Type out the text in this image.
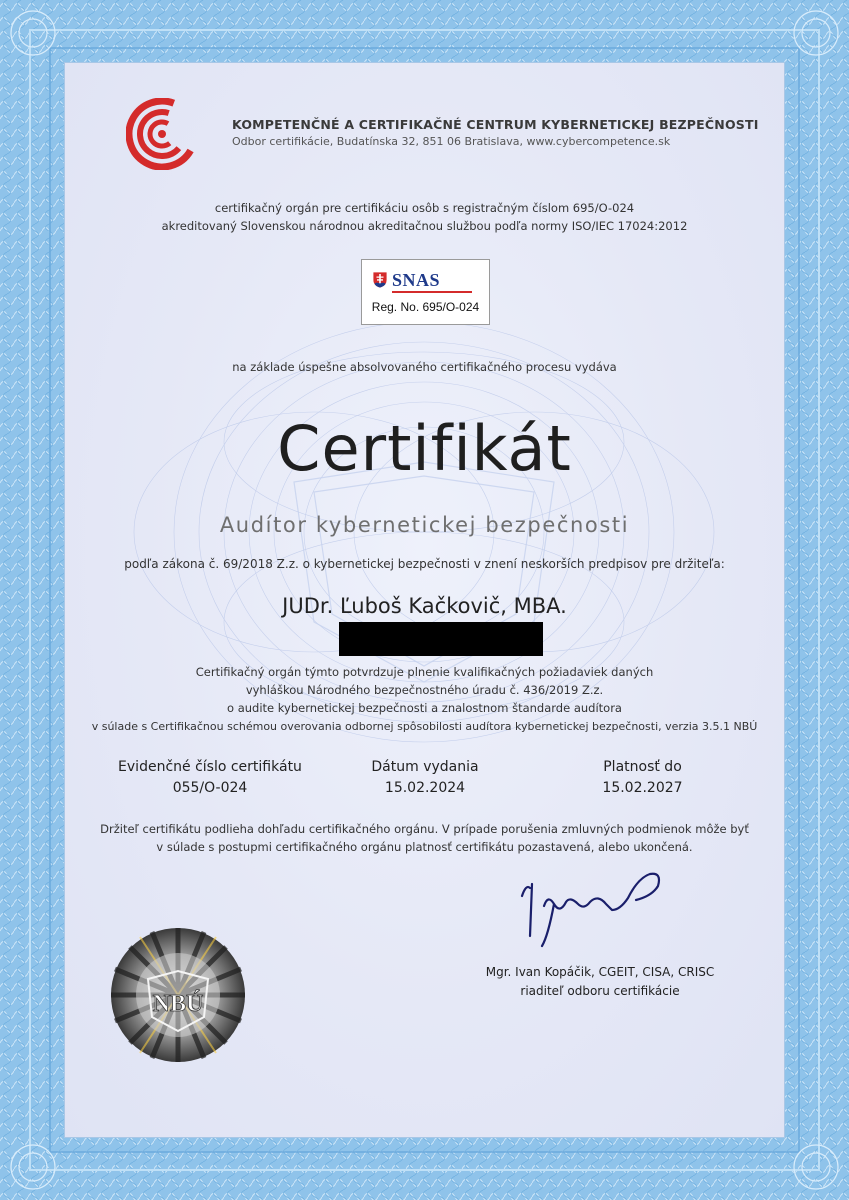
KOMPETENČNÉ A CERTIFIKAČNÉ CENTRUM KYBERNETICKEJ BEZPEČNOSTI
Odbor certifikácie, Budatínska 32, 851 06 Bratislava, www.cybercompetence.sk
certifikačný orgán pre certifikáciu osôb s registračným číslom 695/O-024
akreditovaný Slovenskou národnou akreditačnou službou podľa normy ISO/IEC 17024:2012
SNAS
Reg. No. 695/O-024
na základe úspešne absolvovaného certifikačného procesu vydáva
Certifikát
Audítor kybernetickej bezpečnosti
podľa zákona č. 69/2018 Z.z. o kybernetickej bezpečnosti v znení neskorších predpisov pre držiteľa:
JUDr. Ľuboš Kačkovič, MBA.
Certifikačný orgán týmto potvrdzuje plnenie kvalifikačných požiadaviek daných
vyhláškou Národného bezpečnostného úradu č. 436/2019 Z.z.
o audite kybernetickej bezpečnosti a znalostnom štandarde audítora
v súlade s Certifikačnou schémou overovania odbornej spôsobilosti audítora kybernetickej bezpečnosti, verzia 3.5.1 NBÚ
Evidenčné číslo certifikátu
055/O-024
Dátum vydania
15.02.2024
Platnosť do
15.02.2027
Držiteľ certifikátu podlieha dohľadu certifikačného orgánu. V prípade porušenia zmluvných podmienok môže byť
v súlade s postupmi certifikačného orgánu platnosť certifikátu pozastavená, alebo ukončená.
Mgr. Ivan Kopáčik, CGEIT, CISA, CRISC
riaditeľ odboru certifikácie
NBÚ
